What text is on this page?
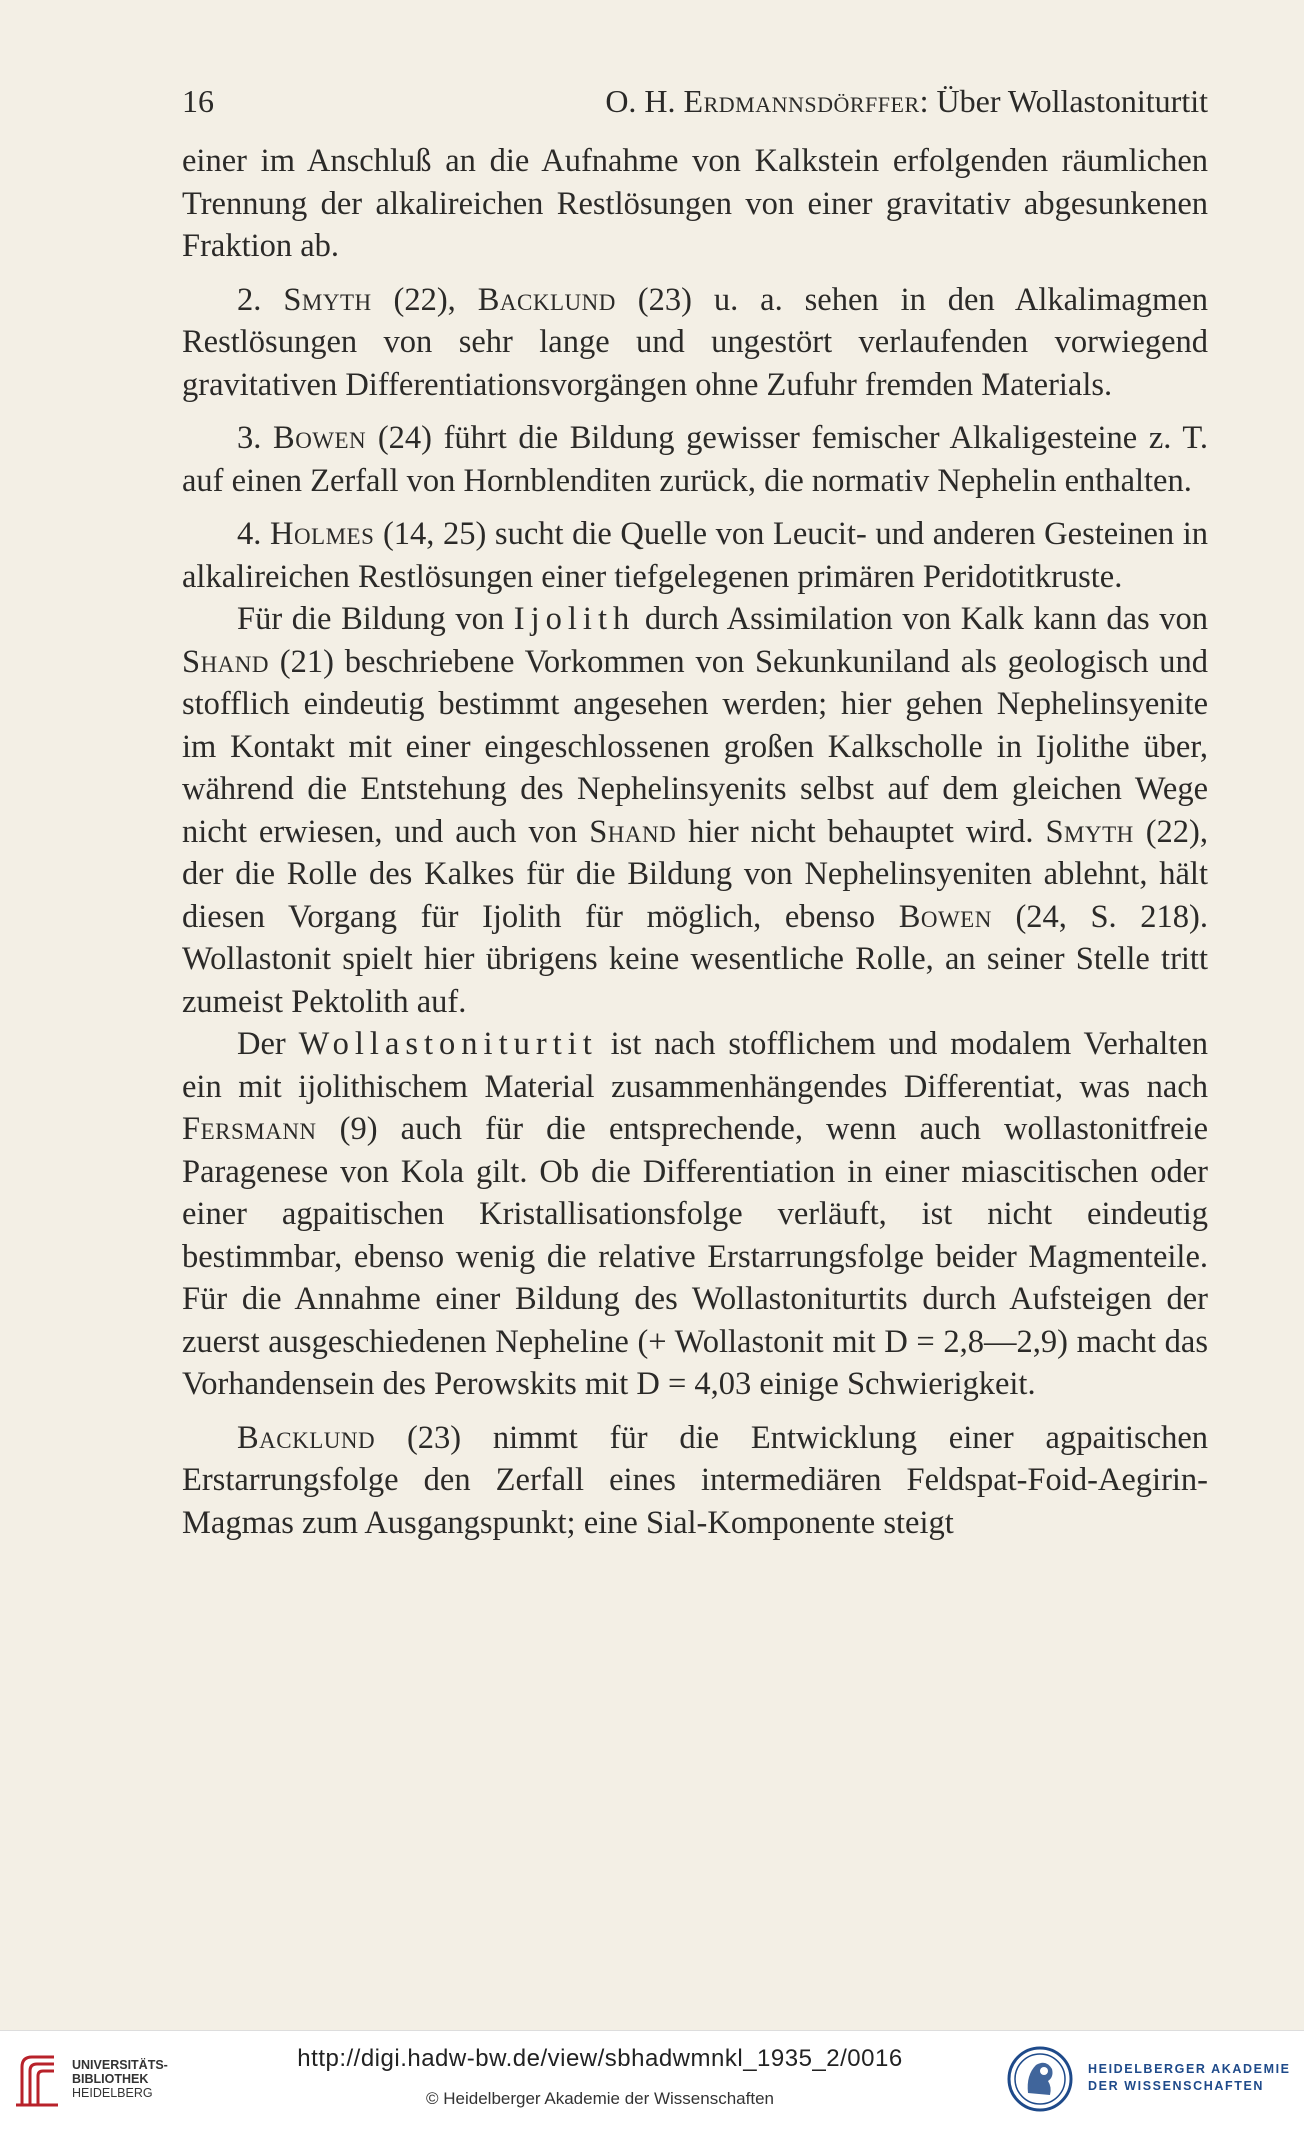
16	O. H. Erdmannsdörffer: Über Wollastoniturtit

einer im Anschluß an die Aufnahme von Kalkstein erfolgenden räumlichen Trennung der alkalireichen Restlösungen von einer gravitativ abgesunkenen Fraktion ab.

2. Smyth (22), Backlund (23) u. a. sehen in den Alkalimagmen Restlösungen von sehr lange und ungestört verlaufenden vorwiegend gravitativen Differentiationsvorgängen ohne Zufuhr fremden Materials.

3. Bowen (24) führt die Bildung gewisser femischer Alkaligesteine z. T. auf einen Zerfall von Hornblenditen zurück, die normativ Nephelin enthalten.

4. Holmes (14, 25) sucht die Quelle von Leucit- und anderen Gesteinen in alkalireichen Restlösungen einer tiefgelegenen primären Peridotitkruste.

Für die Bildung von Ijolith durch Assimilation von Kalk kann das von Shand (21) beschriebene Vorkommen von Sekunkuniland als geologisch und stofflich eindeutig bestimmt angesehen werden; hier gehen Nephelinsyenite im Kontakt mit einer eingeschlossenen großen Kalkscholle in Ijolithe über, während die Entstehung des Nephelinsyenits selbst auf dem gleichen Wege nicht erwiesen, und auch von Shand hier nicht behauptet wird. Smyth (22), der die Rolle des Kalkes für die Bildung von Nephelinsyeniten ablehnt, hält diesen Vorgang für Ijolith für möglich, ebenso Bowen (24, S. 218). Wollastonit spielt hier übrigens keine wesentliche Rolle, an seiner Stelle tritt zumeist Pektolith auf.

Der Wollastoniturtit ist nach stofflichem und modalem Verhalten ein mit ijolithischem Material zusammenhängendes Differentiat, was nach Fersmann (9) auch für die entsprechende, wenn auch wollastonitfreie Paragenese von Kola gilt. Ob die Differentiation in einer miascitischen oder einer agpaitischen Kristallisationsfolge verläuft, ist nicht eindeutig bestimmbar, ebenso wenig die relative Erstarrungsfolge beider Magmenteile. Für die Annahme einer Bildung des Wollastoniturtits durch Aufsteigen der zuerst ausgeschiedenen Nepheline (+ Wollastonit mit D = 2,8—2,9) macht das Vorhandensein des Perowskits mit D = 4,03 einige Schwierigkeit.

Backlund (23) nimmt für die Entwicklung einer agpaitischen Erstarrungsfolge den Zerfall eines intermediären Feldspat-Foid-Aegirin-Magmas zum Ausgangspunkt; eine Sial-Komponente steigt

UNIVERSITÄTS-
BIBLIOTHEK
HEIDELBERG
http://digi.hadw-bw.de/view/sbhadwmnkl_1935_2/0016
© Heidelberger Akademie der Wissenschaften
HEIDELBERGER AKADEMIE
DER WISSENSCHAFTEN
